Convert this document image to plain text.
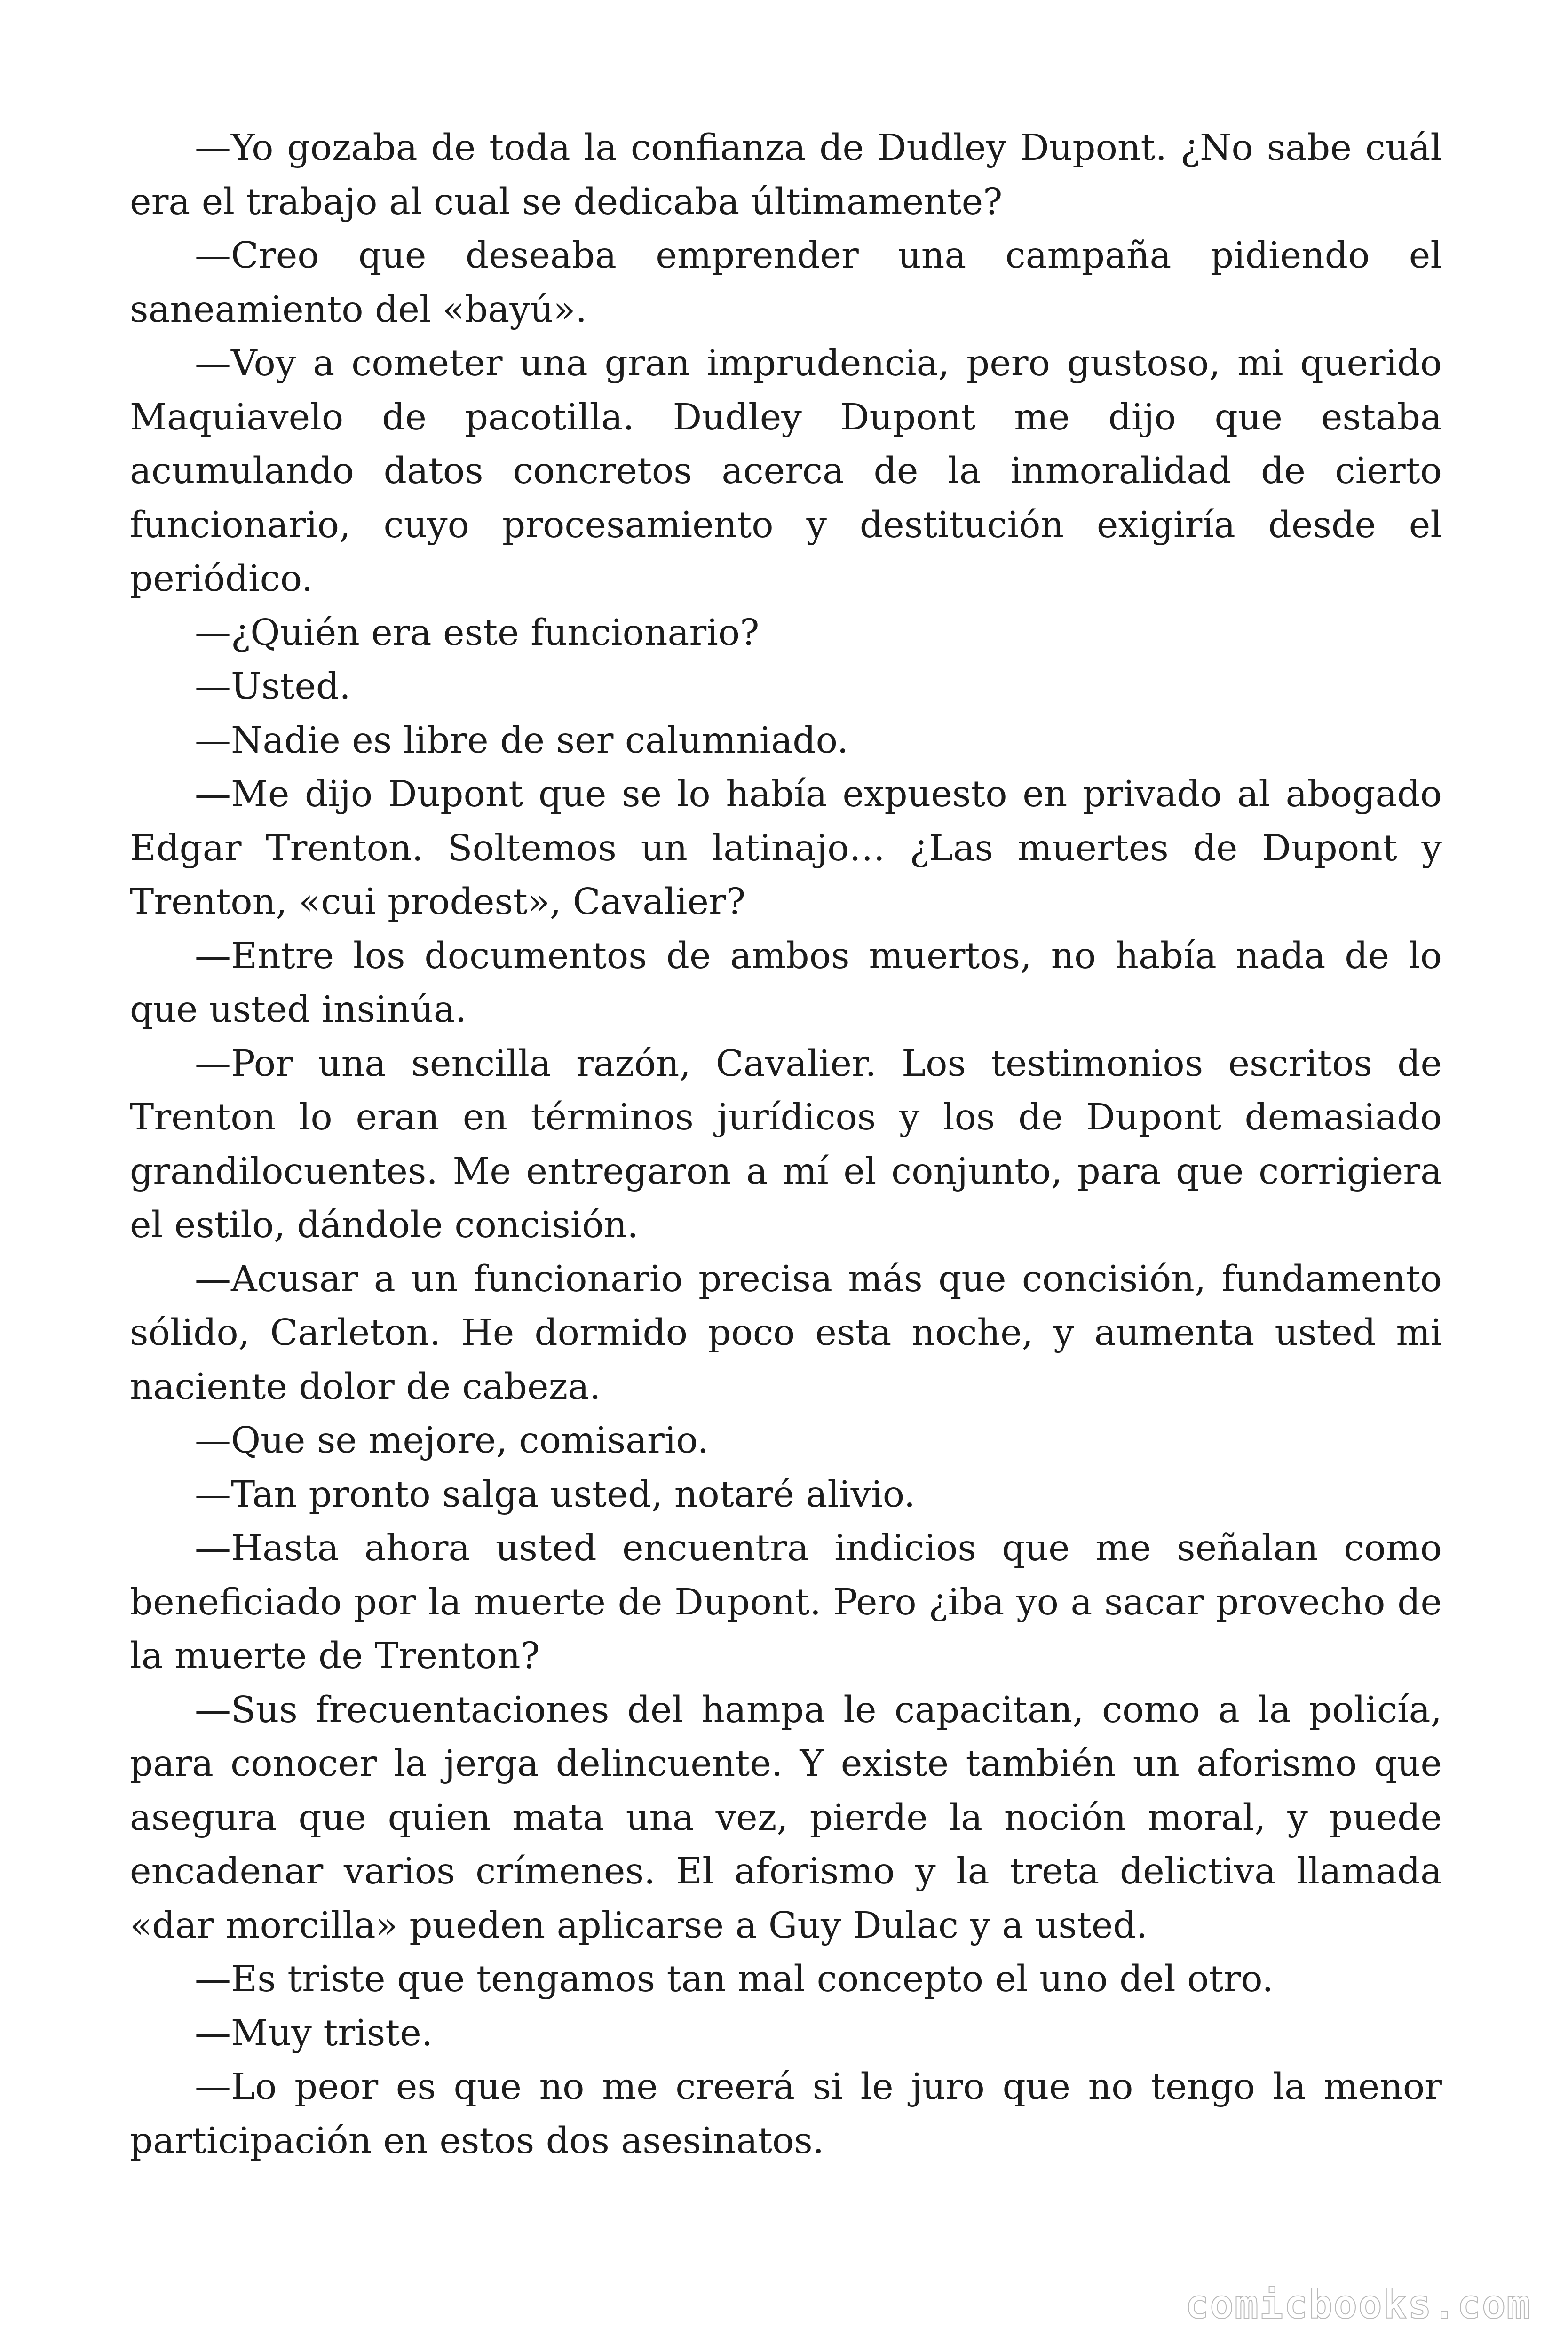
—Yo gozaba de toda la confianza de Dudley Dupont. ¿No sabe cuál era el trabajo al cual se dedicaba últimamente?

—Creo que deseaba emprender una campaña pidiendo el saneamiento del «bayú».

—Voy a cometer una gran imprudencia, pero gustoso, mi querido Maquiavelo de pacotilla. Dudley Dupont me dijo que estaba acumulando datos concretos acerca de la inmoralidad de cierto funcionario, cuyo procesamiento y destitución exigiría desde el periódico.

—¿Quién era este funcionario?

—Usted.

—Nadie es libre de ser calumniado.

—Me dijo Dupont que se lo había expuesto en privado al abogado Edgar Trenton. Soltemos un latinajo… ¿Las muertes de Dupont y Trenton, «cui prodest», Cavalier?

—Entre los documentos de ambos muertos, no había nada de lo que usted insinúa.

—Por una sencilla razón, Cavalier. Los testimonios escritos de Trenton lo eran en términos jurídicos y los de Dupont demasiado grandilocuentes. Me entregaron a mí el conjunto, para que corrigiera el estilo, dándole concisión.

—Acusar a un funcionario precisa más que concisión, fundamento sólido, Carleton. He dormido poco esta noche, y aumenta usted mi naciente dolor de cabeza.

—Que se mejore, comisario.

—Tan pronto salga usted, notaré alivio.

—Hasta ahora usted encuentra indicios que me señalan como beneficiado por la muerte de Dupont. Pero ¿iba yo a sacar provecho de la muerte de Trenton?

—Sus frecuentaciones del hampa le capacitan, como a la policía, para conocer la jerga delincuente. Y existe también un aforismo que asegura que quien mata una vez, pierde la noción moral, y puede encadenar varios crímenes. El aforismo y la treta delictiva llamada «dar morcilla» pueden aplicarse a Guy Dulac y a usted.

—Es triste que tengamos tan mal concepto el uno del otro.

—Muy triste.

—Lo peor es que no me creerá si le juro que no tengo la menor participación en estos dos asesinatos.

comicbooks.com
